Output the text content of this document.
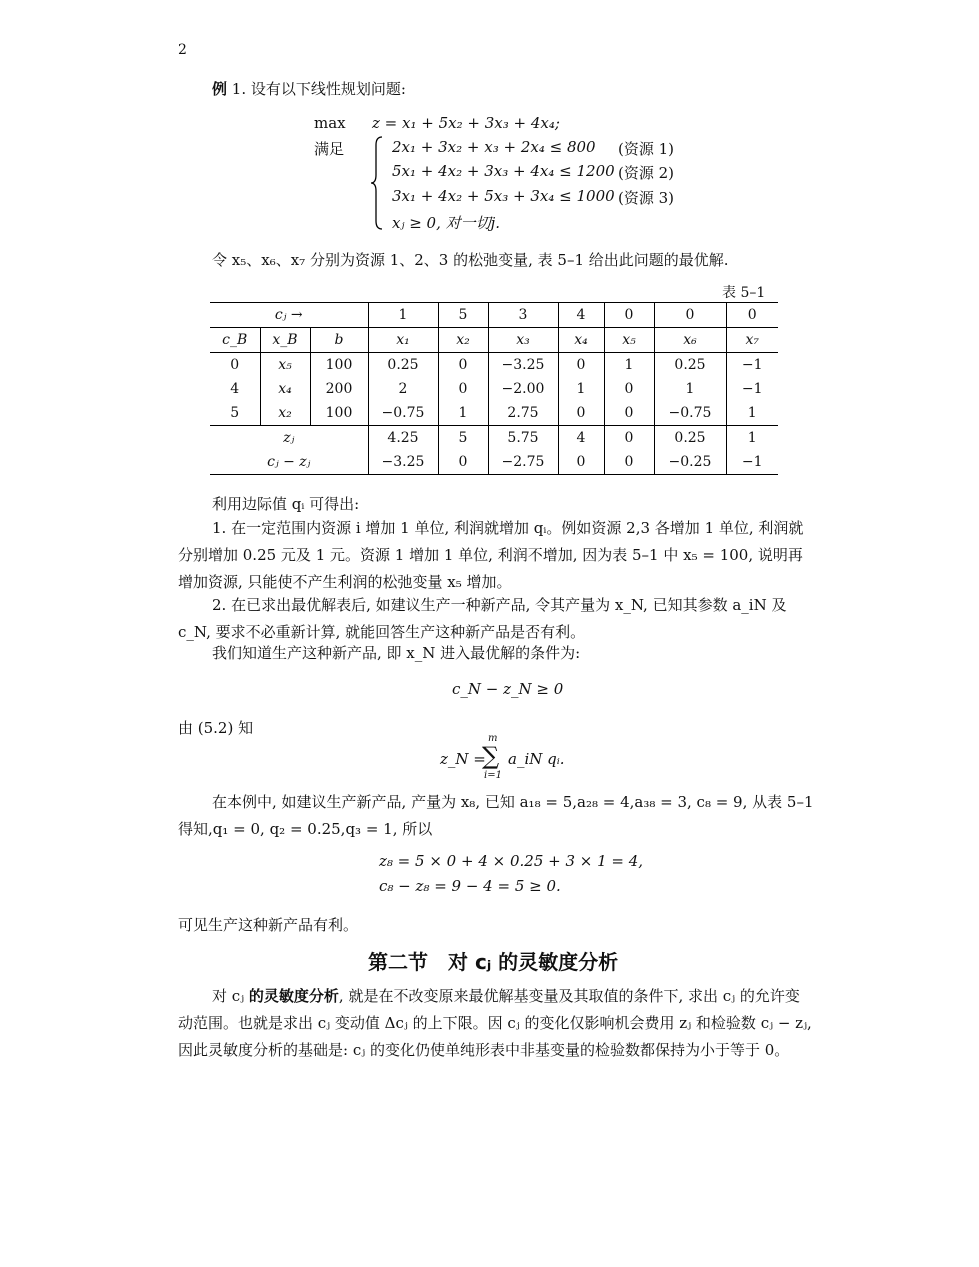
2
例 1. 设有以下线性规划问题:
max z = x₁ + 5x₂ + 3x₃ + 4x₄;
满足	2x₁ + 3x₂ + x₃ + 2x₄ ≤ 800 (资源 1)
5x₁ + 4x₂ + 3x₃ + 4x₄ ≤ 1200 (资源 2)
3x₁ + 4x₂ + 5x₃ + 3x₄ ≤ 1000 (资源 3)
xⱼ ≥ 0, 对一切j.
令 x₅、x₆、x₇ 分别为资源 1、2、3 的松弛变量, 表 5–1 给出此问题的最优解.
表 5–1
cⱼ →			1	5	3	4	0	0	0
c_B	x_B	b	x₁	x₂	x₃	x₄	x₅	x₆	x₇
0	x₅	100	0.25	0	−3.25	0	1	0.25	−1
4	x₄	200	2	0	−2.00	1	0	1	−1
5	x₂	100	−0.75	1	2.75	0	0	−0.75	1
zⱼ			4.25	5	5.75	4	0	0.25	1
cⱼ − zⱼ			−3.25	0	−2.75	0	0	−0.25	−1
利用边际值 qᵢ 可得出:
1. 在一定范围内资源 i 增加 1 单位, 利润就增加 qᵢ。例如资源 2,3 各增加 1 单位, 利润就分别增加 0.25 元及 1 元。资源 1 增加 1 单位, 利润不增加, 因为表 5–1 中 x₅ = 100, 说明再增加资源, 只能使不产生利润的松弛变量 x₅ 增加。
2. 在已求出最优解表后, 如建议生产一种新产品, 令其产量为 x_N, 已知其参数 a_iN 及 c_N, 要求不必重新计算, 就能回答生产这种新产品是否有利。
我们知道生产这种新产品, 即 x_N 进入最优解的条件为:
c_N − z_N ≥ 0
由 (5.2) 知
z_N =
m
∑
i=1
a_iN qᵢ.
在本例中, 如建议生产新产品, 产量为 x₈, 已知 a₁₈ = 5,a₂₈ = 4,a₃₈ = 3, c₈ = 9, 从表 5–1 得知,q₁ = 0, q₂ = 0.25,q₃ = 1, 所以
z₈ = 5 × 0 + 4 × 0.25 + 3 × 1 = 4,
c₈ − z₈ = 9 − 4 = 5 ≥ 0.
可见生产这种新产品有利。
第二节　对 cⱼ 的灵敏度分析
对 cⱼ 的灵敏度分析, 就是在不改变原来最优解基变量及其取值的条件下, 求出 cⱼ 的允许变动范围。也就是求出 cⱼ 变动值 Δcⱼ 的上下限。因 cⱼ 的变化仅影响机会费用 zⱼ 和检验数 cⱼ − zⱼ, 因此灵敏度分析的基础是: cⱼ 的变化仍使单纯形表中非基变量的检验数都保持为小于等于 0。
